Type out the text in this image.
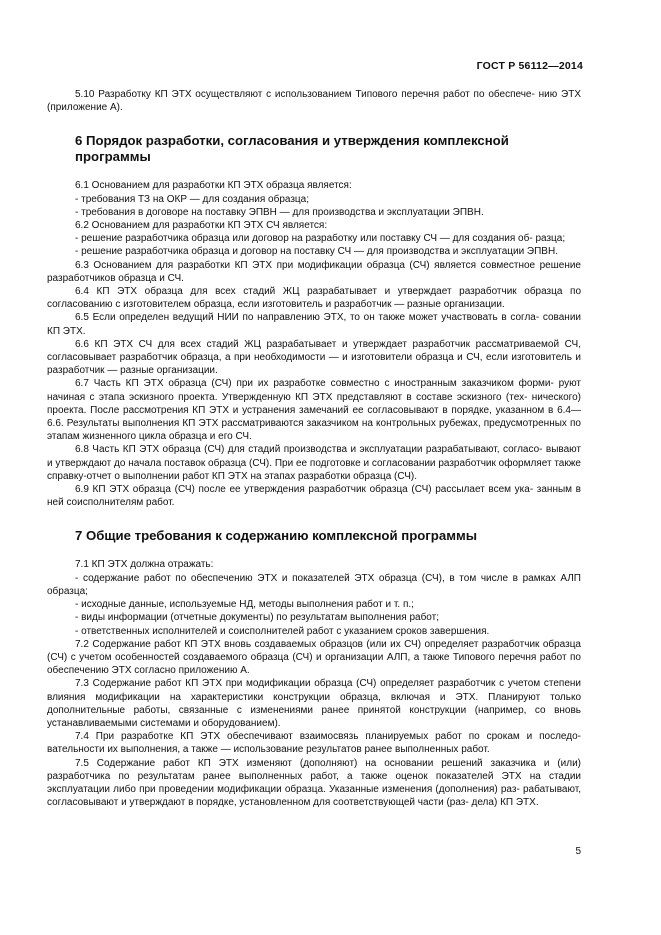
ГОСТ Р 56112—2014

5.10 Разработку КП ЭТХ осуществляют с использованием Типового перечня работ по обеспече- нию ЭТХ (приложение А).

6 Порядок разработки, согласования и утверждения комплексной программы

6.1 Основанием для разработки КП ЭТХ образца является:

- требования ТЗ на ОКР — для создания образца;

- требования в договоре на поставку ЭПВН — для производства и эксплуатации ЭПВН.

6.2 Основанием для разработки КП ЭТХ СЧ является:

- решение разработчика образца или договор на разработку или поставку СЧ — для создания об- разца;

- решение разработчика образца и договор на поставку СЧ — для производства и эксплуатации ЭПВН.

6.3 Основанием для разработки КП ЭТХ при модификации образца (СЧ) является совместное решение разработчиков образца и СЧ.

6.4 КП ЭТХ образца для всех стадий ЖЦ разрабатывает и утверждает разработчик образца по согласованию с изготовителем образца, если изготовитель и разработчик — разные организации.

6.5 Если определен ведущий НИИ по направлению ЭТХ, то он также может участвовать в согла- совании КП ЭТХ.

6.6 КП ЭТХ СЧ для всех стадий ЖЦ разрабатывает и утверждает разработчик рассматриваемой СЧ, согласовывает разработчик образца, а при необходимости — и изготовители образца и СЧ, если изготовитель и разработчик — разные организации.

6.7 Часть КП ЭТХ образца (СЧ) при их разработке совместно с иностранным заказчиком форми- руют начиная с этапа эскизного проекта. Утвержденную КП ЭТХ представляют в составе эскизного (тех- нического) проекта. После рассмотрения КП ЭТХ и устранения замечаний ее согласовывают в порядке, указанном в 6.4—6.6. Результаты выполнения КП ЭТХ рассматриваются заказчиком на контрольных рубежах, предусмотренных по этапам жизненного цикла образца и его СЧ.

6.8 Часть КП ЭТХ образца (СЧ) для стадий производства и эксплуатации разрабатывают, согласо- вывают и утверждают до начала поставок образца (СЧ). При ее подготовке и согласовании разработчик оформляет также справку-отчет о выполнении работ КП ЭТХ на этапах разработки образца (СЧ).

6.9 КП ЭТХ образца (СЧ) после ее утверждения разработчик образца (СЧ) рассылает всем ука- занным в ней соисполнителям работ.

7 Общие требования к содержанию комплексной программы

7.1 КП ЭТХ должна отражать:

- содержание работ по обеспечению ЭТХ и показателей ЭТХ образца (СЧ), в том числе в рамках АЛП образца;

- исходные данные, используемые НД, методы выполнения работ и т. п.;

- виды информации (отчетные документы) по результатам выполнения работ;

- ответственных исполнителей и соисполнителей работ с указанием сроков завершения.

7.2 Содержание работ КП ЭТХ вновь создаваемых образцов (или их СЧ) определяет разработчик образца (СЧ) с учетом особенностей создаваемого образца (СЧ) и организации АЛП, а также Типового перечня работ по обеспечению ЭТХ согласно приложению А.

7.3 Содержание работ КП ЭТХ при модификации образца (СЧ) определяет разработчик с учетом степени влияния модификации на характеристики конструкции образца, включая и ЭТХ. Планируют только дополнительные работы, связанные с изменениями ранее принятой конструкции (например, со вновь устанавливаемыми системами и оборудованием).

7.4 При разработке КП ЭТХ обеспечивают взаимосвязь планируемых работ по срокам и последо- вательности их выполнения, а также — использование результатов ранее выполненных работ.

7.5 Содержание работ КП ЭТХ изменяют (дополняют) на основании решений заказчика и (или) разработчика по результатам ранее выполненных работ, а также оценок показателей ЭТХ на стадии эксплуатации либо при проведении модификации образца. Указанные изменения (дополнения) раз- рабатывают, согласовывают и утверждают в порядке, установленном для соответствующей части (раз- дела) КП ЭТХ.

5
